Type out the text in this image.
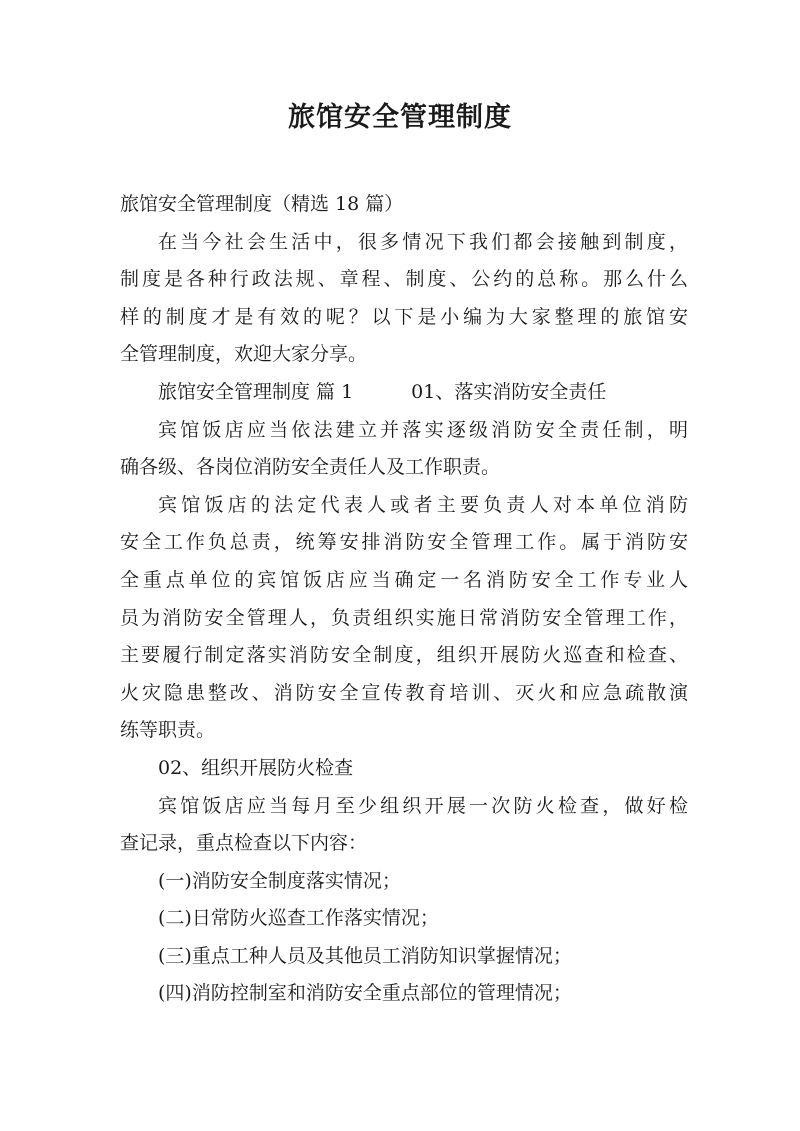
旅馆安全管理制度

旅馆安全管理制度（精选 18 篇）

在当今社会生活中，很多情况下我们都会接触到制度，

制度是各种行政法规、章程、制度、公约的总称。那么什么

样的制度才是有效的呢？以下是小编为大家整理的旅馆安

全管理制度，欢迎大家分享。

旅馆安全管理制度 篇 1	01、落实消防安全责任

宾馆饭店应当依法建立并落实逐级消防安全责任制，明

确各级、各岗位消防安全责任人及工作职责。

宾馆饭店的法定代表人或者主要负责人对本单位消防

安全工作负总责，统筹安排消防安全管理工作。属于消防安

全重点单位的宾馆饭店应当确定一名消防安全工作专业人

员为消防安全管理人，负责组织实施日常消防安全管理工作，

主要履行制定落实消防安全制度，组织开展防火巡查和检查、

火灾隐患整改、消防安全宣传教育培训、灭火和应急疏散演

练等职责。

02、组织开展防火检查

宾馆饭店应当每月至少组织开展一次防火检查，做好检

查记录，重点检查以下内容：

(一)消防安全制度落实情况；

(二)日常防火巡查工作落实情况；

(三)重点工种人员及其他员工消防知识掌握情况；

(四)消防控制室和消防安全重点部位的管理情况；
